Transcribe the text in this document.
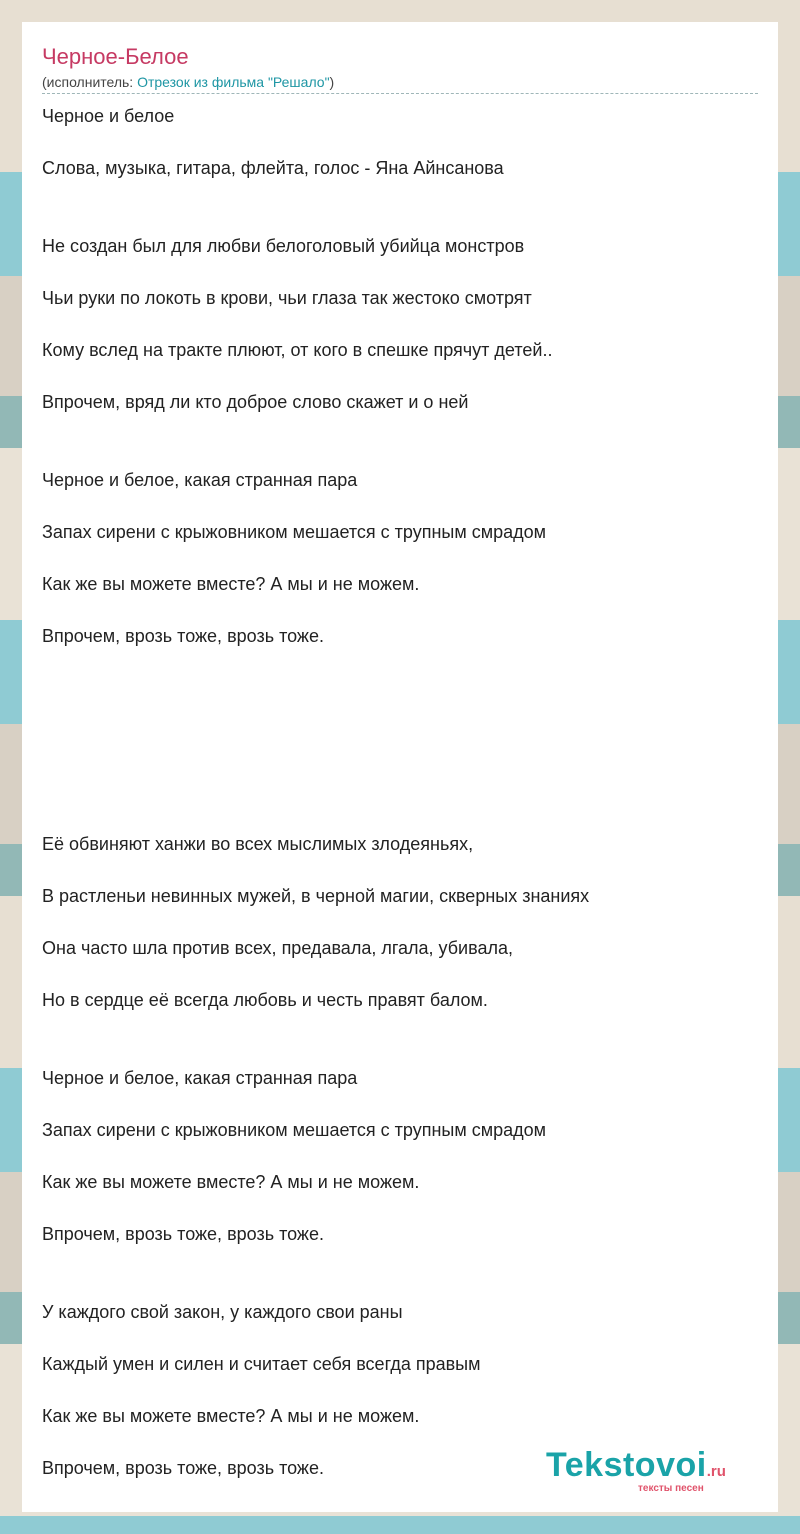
Черное-Белое
(исполнитель: Отрезок из фильма "Решало")
Черное и белое
Слова, музыка, гитара, флейта, голос - Яна Айнсанова
Не создан был для любви белоголовый убийца монстров
Чьи руки по локоть в крови, чьи глаза так жестоко смотрят
Кому вслед на тракте плюют, от кого в спешке прячут детей..
Впрочем, вряд ли кто доброе слово скажет и о ней
Черное и белое, какая странная пара
Запах сирени с крыжовником мешается с трупным смрадом
Как же вы можете вместе? А мы и не можем.
Впрочем, врозь тоже, врозь тоже.
Её обвиняют ханжи во всех мыслимых злодеяньях,
В растленьи невинных мужей, в черной магии, скверных знаниях
Она часто шла против всех, предавала, лгала, убивала,
Но в сердце её всегда любовь и честь правят балом.
Черное и белое, какая странная пара
Запах сирени с крыжовником мешается с трупным смрадом
Как же вы можете вместе? А мы и не можем.
Впрочем, врозь тоже, врозь тоже.
У каждого свой закон, у каждого свои раны
Каждый умен и силен и считает себя всегда правым
Как же вы можете вместе? А мы и не можем.
Впрочем, врозь тоже, врозь тоже.	Tekstovoi.ru
тексты песен
